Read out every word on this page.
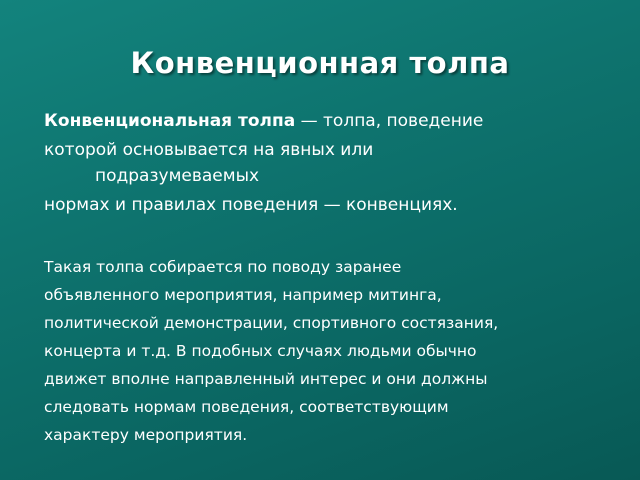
Конвенционная толпа
Конвенциональная толпа — толпа, поведение
которой основывается на явных или
подразумеваемых
нормах и правилах поведения — конвенциях.
Такая толпа собирается по поводу заранее
объявленного мероприятия, например митинга,
политической демонстрации, спортивного состязания,
концерта и т.д. В подобных случаях людьми обычно
движет вполне направленный интерес и они должны
следовать нормам поведения, соответствующим
характеру мероприятия.
